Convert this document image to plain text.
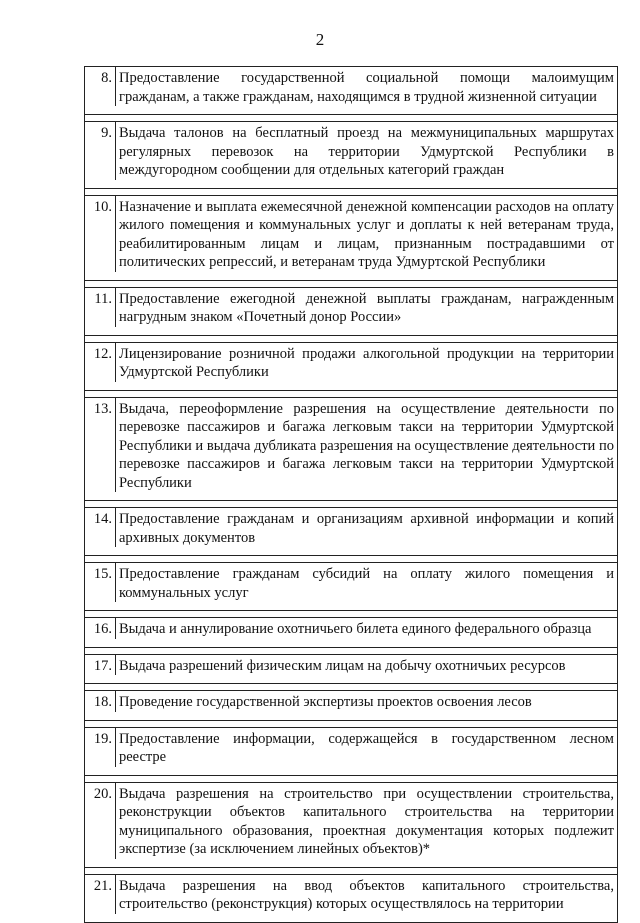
2
8. Предоставление государственной социальной помощи малоимущим гражданам, а также гражданам, находящимся в трудной жизненной ситуации
9. Выдача талонов на бесплатный проезд на межмуниципальных маршрутах регулярных перевозок на территории Удмуртской Республики в междугородном сообщении для отдельных категорий граждан
10. Назначение и выплата ежемесячной денежной компенсации расходов на оплату жилого помещения и коммунальных услуг и доплаты к ней ветеранам труда, реабилитированным лицам и лицам, признанным пострадавшими от политических репрессий, и ветеранам труда Удмуртской Республики
11. Предоставление ежегодной денежной выплаты гражданам, награжденным нагрудным знаком «Почетный донор России»
12. Лицензирование розничной продажи алкогольной продукции на территории Удмуртской Республики
13. Выдача, переоформление разрешения на осуществление деятельности по перевозке пассажиров и багажа легковым такси на территории Удмуртской Республики и выдача дубликата разрешения на осуществление деятельности по перевозке пассажиров и багажа легковым такси на территории Удмуртской Республики
14. Предоставление гражданам и организациям архивной информации и копий архивных документов
15. Предоставление гражданам субсидий на оплату жилого помещения и коммунальных услуг
16. Выдача и аннулирование охотничьего билета единого федерального образца
17. Выдача разрешений физическим лицам на добычу охотничьих ресурсов
18. Проведение государственной экспертизы проектов освоения лесов
19. Предоставление информации, содержащейся в государственном лесном реестре
20. Выдача разрешения на строительство при осуществлении строительства, реконструкции объектов капитального строительства на территории муниципального образования, проектная документация которых подлежит экспертизе (за исключением линейных объектов)*
21. Выдача разрешения на ввод объектов капитального строительства, строительство (реконструкция) которых осуществлялось на территории
